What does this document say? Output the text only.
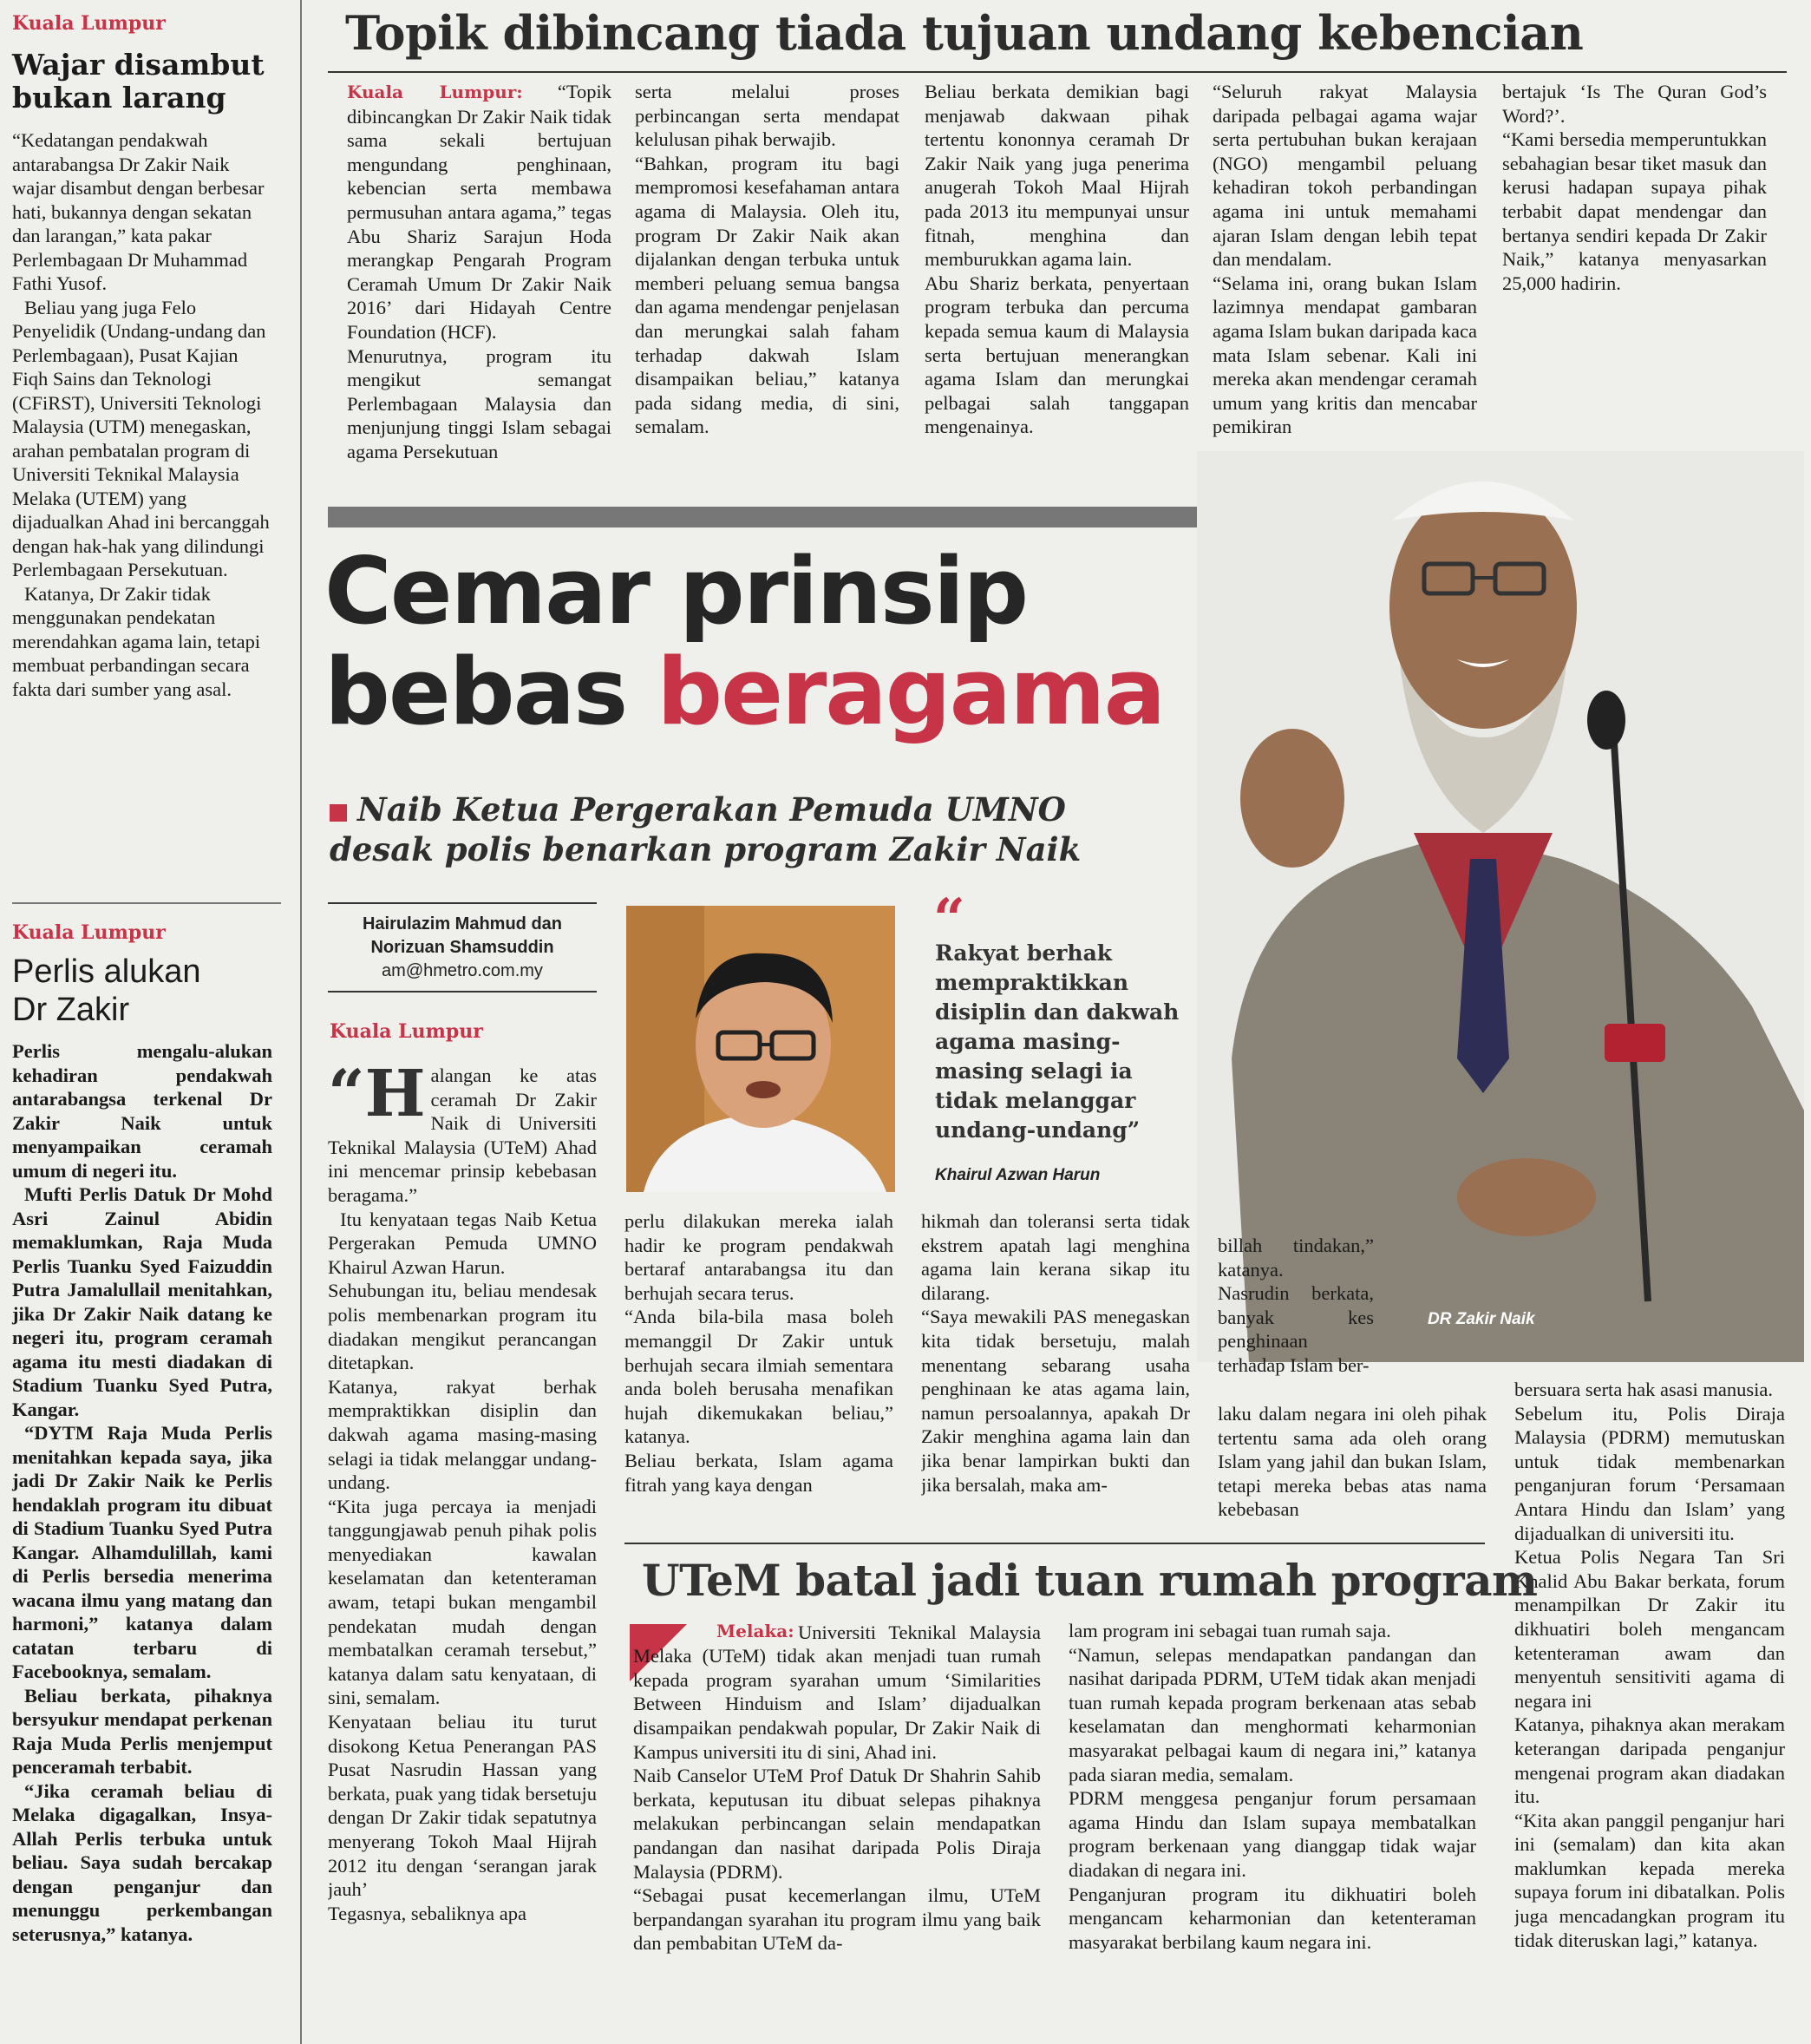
Kuala Lumpur
Wajar disambut bukan larang

“Kedatangan pendakwah antarabangsa Dr Zakir Naik wajar disambut dengan berbesar hati, bukannya dengan sekatan dan larangan,” kata pakar Perlembagaan Dr Muhammad Fathi Yusof.

Beliau yang juga Felo Penyelidik (Undang-undang dan Perlembagaan), Pusat Kajian Fiqh Sains dan Teknologi (CFiRST), Universiti Teknologi Malaysia (UTM) menegaskan, arahan pembatalan program di Universiti Teknikal Malaysia Melaka (UTEM) yang dijadualkan Ahad ini bercanggah dengan hak-hak yang dilindungi Perlembagaan Persekutuan.

Katanya, Dr Zakir tidak menggunakan pendekatan merendahkan agama lain, tetapi membuat perbandingan secara fakta dari sumber yang asal.

Kuala Lumpur
Perlis alukan Dr Zakir

Perlis mengalu-alukan kehadiran pendakwah antarabangsa terkenal Dr Zakir Naik untuk menyampaikan ceramah umum di negeri itu.

Mufti Perlis Datuk Dr Mohd Asri Zainul Abidin memaklumkan, Raja Muda Perlis Tuanku Syed Faizuddin Putra Jamalullail menitahkan, jika Dr Zakir Naik datang ke negeri itu, program ceramah agama itu mesti diadakan di Stadium Tuanku Syed Putra, Kangar.

“DYTM Raja Muda Perlis menitahkan kepada saya, jika jadi Dr Zakir Naik ke Perlis hendaklah program itu dibuat di Stadium Tuanku Syed Putra Kangar. Alhamdulillah, kami di Perlis bersedia menerima wacana ilmu yang matang dan harmoni,” katanya dalam catatan terbaru di Facebooknya, semalam.

Beliau berkata, pihaknya bersyukur mendapat perkenan Raja Muda Perlis menjemput penceramah terbabit.

“Jika ceramah beliau di Melaka digagalkan, Insya-Allah Perlis terbuka untuk beliau. Saya sudah bercakap dengan penganjur dan menunggu perkembangan seterusnya,” katanya.

Topik dibincang tiada tujuan undang kebencian

Kuala Lumpur: “Topik dibincangkan Dr Zakir Naik tidak sama sekali bertujuan mengundang penghinaan, kebencian serta membawa permusuhan antara agama,” tegas Abu Shariz Sarajun Hoda merangkap Pengarah Program Ceramah Umum Dr Zakir Naik 2016’ dari Hidayah Centre Foundation (HCF).
Menurutnya, program itu mengikut semangat Perlembagaan Malaysia dan menjunjung tinggi Islam sebagai agama Persekutuan

serta melalui proses perbincangan serta mendapat kelulusan pihak berwajib.
“Bahkan, program itu bagi mempromosi kesefahaman antara agama di Malaysia. Oleh itu, program Dr Zakir Naik akan dijalankan dengan terbuka untuk memberi peluang semua bangsa dan agama mendengar penjelasan dan merungkai salah faham terhadap dakwah Islam disampaikan beliau,” katanya pada sidang media, di sini, semalam.
Beliau berkata demikian bagi menjawab dakwaan pihak tertentu kononnya ceramah Dr Zakir Naik yang juga penerima anugerah Tokoh Maal Hijrah pada 2013 itu mempunyai unsur fitnah, menghina dan memburukkan agama lain.
Abu Shariz berkata, penyertaan program terbuka dan percuma kepada semua kaum di Malaysia serta bertujuan menerangkan agama Islam dan merungkai pelbagai salah tanggapan mengenainya.
“Seluruh rakyat Malaysia daripada pelbagai agama wajar serta pertubuhan bukan kerajaan (NGO) mengambil peluang kehadiran tokoh perbandingan agama ini untuk memahami ajaran Islam dengan lebih tepat dan mendalam.
“Selama ini, orang bukan Islam lazimnya mendapat gambaran agama Islam bukan daripada kaca mata Islam sebenar. Kali ini mereka akan mendengar ceramah umum yang kritis dan mencabar pemikiran
bertajuk ‘Is The Quran God’s Word?’.
“Kami bersedia memperuntukkan sebahagian besar tiket masuk dan kerusi hadapan supaya pihak terbabit dapat mendengar dan bertanya sendiri kepada Dr Zakir Naik,” katanya menyasarkan 25,000 hadirin.
DR Zakir Naik
Cemar prinsip
bebas beragama
Naib Ketua Pergerakan Pemuda UMNO desak polis benarkan program Zakir Naik
Hairulazim Mahmud dan Norizuan Shamsuddin
am@hmetro.com.my
Kuala Lumpur
“
Rakyat berhak mempraktikkan disiplin dan dakwah agama masing-masing selagi ia tidak melanggar undang-undang”
Khairul Azwan Harun

“Halangan ke atas ceramah Dr Zakir Naik di Universiti Teknikal Malaysia (UTeM) Ahad ini mencemar prinsip kebebasan beragama.”

Itu kenyataan tegas Naib Ketua Pergerakan Pemuda UMNO Khairul Azwan Harun.
Sehubungan itu, beliau mendesak polis membenarkan program itu diadakan mengikut perancangan ditetapkan.
Katanya, rakyat berhak mempraktikkan disiplin dan dakwah agama masing-masing selagi ia tidak melanggar undang-undang.
“Kita juga percaya ia menjadi tanggungjawab penuh pihak polis menyediakan kawalan keselamatan dan ketenteraman awam, tetapi bukan mengambil pendekatan mudah dengan membatalkan ceramah tersebut,” katanya dalam satu kenyataan, di sini, semalam.
Kenyataan beliau itu turut disokong Ketua Penerangan PAS Pusat Nasrudin Hassan yang berkata, puak yang tidak bersetuju dengan Dr Zakir tidak sepatutnya menyerang Tokoh Maal Hijrah 2012 itu dengan ‘serangan jarak jauh’
Tegasnya, sebaliknya apa
perlu dilakukan mereka ialah hadir ke program pendakwah bertaraf antarabangsa itu dan berhujah secara terus.
“Anda bila-bila masa boleh memanggil Dr Zakir untuk berhujah secara ilmiah sementara anda boleh berusaha menafikan hujah dikemukakan beliau,” katanya.
Beliau berkata, Islam agama fitrah yang kaya dengan
hikmah dan toleransi serta tidak ekstrem apatah lagi menghina agama lain kerana sikap itu dilarang.
“Saya mewakili PAS menegaskan kita tidak bersetuju, malah menentang sebarang usaha penghinaan ke atas agama lain, namun persoalannya, apakah Dr Zakir menghina agama lain dan jika benar lampirkan bukti dan jika bersalah, maka am-
billah tindakan,” katanya.
Nasrudin berkata, banyak kes penghinaan terhadap Islam ber-
laku dalam negara ini oleh pihak tertentu sama ada oleh orang Islam yang jahil dan bukan Islam, tetapi mereka bebas atas nama kebebasan
bersuara serta hak asasi manusia.
Sebelum itu, Polis Diraja Malaysia (PDRM) memutuskan untuk tidak membenarkan penganjuran forum ‘Persamaan Antara Hindu dan Islam’ yang dijadualkan di universiti itu.
Ketua Polis Negara Tan Sri Khalid Abu Bakar berkata, forum menampilkan Dr Zakir itu dikhuatiri boleh mengancam ketenteraman awam dan menyentuh sensitiviti agama di negara ini
Katanya, pihaknya akan merakam keterangan daripada penganjur mengenai program akan diadakan itu.
“Kita akan panggil penganjur hari ini (semalam) dan kita akan maklumkan kepada mereka supaya forum ini dibatalkan. Polis juga mencadangkan program itu tidak diteruskan lagi,” katanya.
UTeM batal jadi tuan rumah program

Melaka: Universiti Teknikal Malaysia Melaka (UTeM) tidak akan menjadi tuan rumah kepada program syarahan umum ‘Similarities Between Hinduism and Islam’ dijadualkan disampaikan pendakwah popular, Dr Zakir Naik di Kampus universiti itu di sini, Ahad ini.
Naib Canselor UTeM Prof Datuk Dr Shahrin Sahib berkata, keputusan itu dibuat selepas pihaknya melakukan perbincangan selain mendapatkan pandangan dan nasihat daripada Polis Diraja Malaysia (PDRM).
“Sebagai pusat kecemerlangan ilmu, UTeM berpandangan syarahan itu program ilmu yang baik dan pembabitan UTeM da-
lam program ini sebagai tuan rumah saja.
“Namun, selepas mendapatkan pandangan dan nasihat daripada PDRM, UTeM tidak akan menjadi tuan rumah kepada program berkenaan atas sebab keselamatan dan menghormati keharmonian masyarakat pelbagai kaum di negara ini,” katanya pada siaran media, semalam.
PDRM menggesa penganjur forum persamaan agama Hindu dan Islam supaya membatalkan program berkenaan yang dianggap tidak wajar diadakan di negara ini.
Penganjuran program itu dikhuatiri boleh mengancam keharmonian dan ketenteraman masyarakat berbilang kaum negara ini.
